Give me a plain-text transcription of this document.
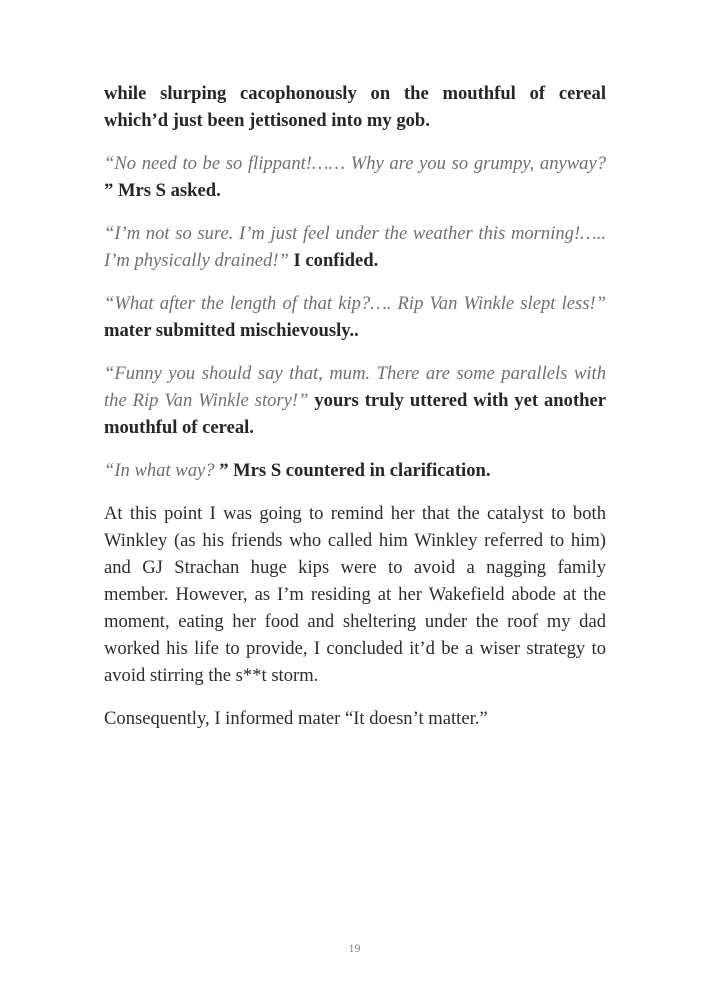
while slurping cacophonously on the mouthful of cereal which’d just been jettisoned into my gob.

“No need to be so flippant!…… Why are you so grumpy, anyway? ” Mrs S asked.

“I’m not so sure. I’m just feel under the weather this morning!….. I’m physically drained!” I confided.

“What after the length of that kip?…. Rip Van Winkle slept less!” mater submitted mischievously..

“Funny you should say that, mum. There are some parallels with the Rip Van Winkle story!” yours truly uttered with yet another mouthful of cereal.

“In what way? ” Mrs S countered in clarification.

At this point I was going to remind her that the catalyst to both Winkley (as his friends who called him Winkley referred to him) and GJ Strachan huge kips were to avoid a nagging family member. However, as I’m residing at her Wakefield abode at the moment, eating her food and sheltering under the roof my dad worked his life to provide, I concluded it’d be a wiser strategy to avoid stirring the s**t storm.

Consequently, I informed mater “It doesn’t matter.”

19
